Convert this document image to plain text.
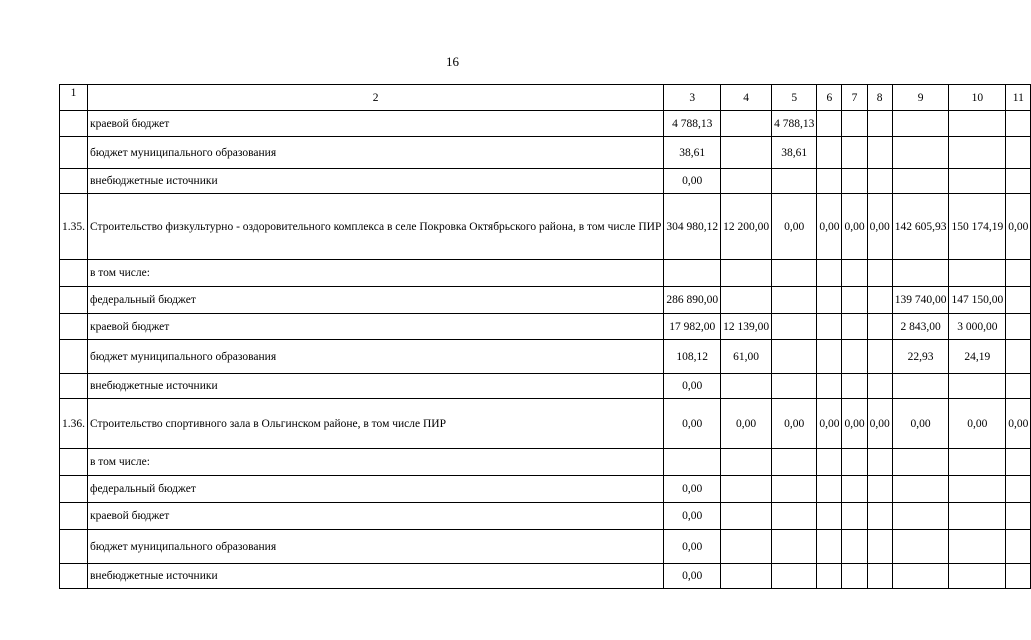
16
1	2	3	4	5	6	7	8	9	10	11
	краевой бюджет	4 788,13		4 788,13						
	бюджет муниципального образования	38,61		38,61						
	внебюджетные источники	0,00								
1.35.	Строительство физкультурно - оздоровительного комплекса в селе Покровка Октябрьского района, в том числе ПИР	304 980,12	12 200,00	0,00	0,00	0,00	0,00	142 605,93	150 174,19	0,00
	в том числе:									
	федеральный бюджет	286 890,00						139 740,00	147 150,00	
	краевой бюджет	17 982,00	12 139,00					2 843,00	3 000,00	
	бюджет муниципального образования	108,12	61,00					22,93	24,19	
	внебюджетные источники	0,00								
1.36.	Строительство спортивного зала в Ольгинском районе, в том числе ПИР	0,00	0,00	0,00	0,00	0,00	0,00	0,00	0,00	0,00
	в том числе:									
	федеральный бюджет	0,00								
	краевой бюджет	0,00								
	бюджет муниципального образования	0,00								
	внебюджетные источники	0,00								
